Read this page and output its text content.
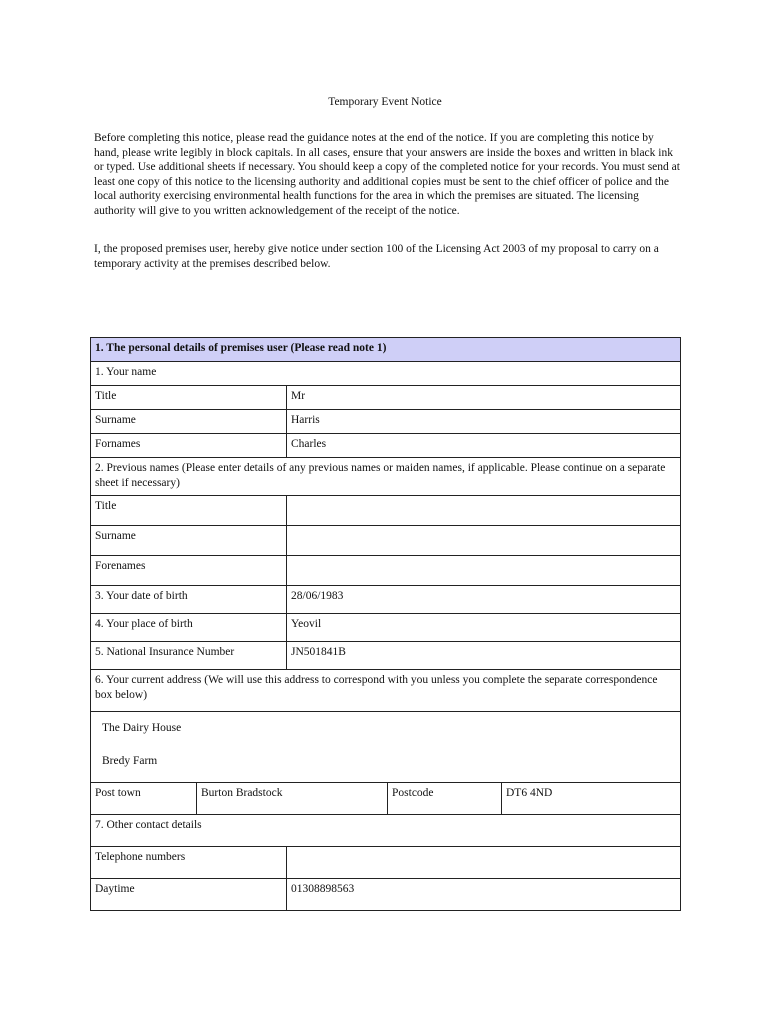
Temporary Event Notice

Before completing this notice, please read the guidance notes at the end of the notice. If you are completing this notice by hand, please write legibly in block capitals. In all cases, ensure that your answers are inside the boxes and written in black ink or typed. Use additional sheets if necessary. You should keep a copy of the completed notice for your records. You must send at least one copy of this notice to the licensing authority and additional copies must be sent to the chief officer of police and the local authority exercising environmental health functions for the area in which the premises are situated. The licensing authority will give to you written acknowledgement of the receipt of the notice.

I, the proposed premises user, hereby give notice under section 100 of the Licensing Act 2003 of my proposal to carry on a temporary activity at the premises described below.

1. The personal details of premises user (Please read note 1)				
1. Your name				
Title		Mr		
Surname		Harris		
Fornames		Charles		
2. Previous names (Please enter details of any previous names or maiden names, if applicable. Please continue on a separate sheet if necessary)				
Title				
Surname				
Forenames				
3. Your date of birth		28/06/1983		
4. Your place of birth		Yeovil		
5. National Insurance Number		JN501841B		
6. Your current address (We will use this address to correspond with you unless you complete the separate correspondence box below)				

The Dairy House
Bredy Farm				

Post town	Burton Bradstock		Postcode	DT6 4ND
7. Other contact details				
Telephone numbers				
Daytime		01308898563		
